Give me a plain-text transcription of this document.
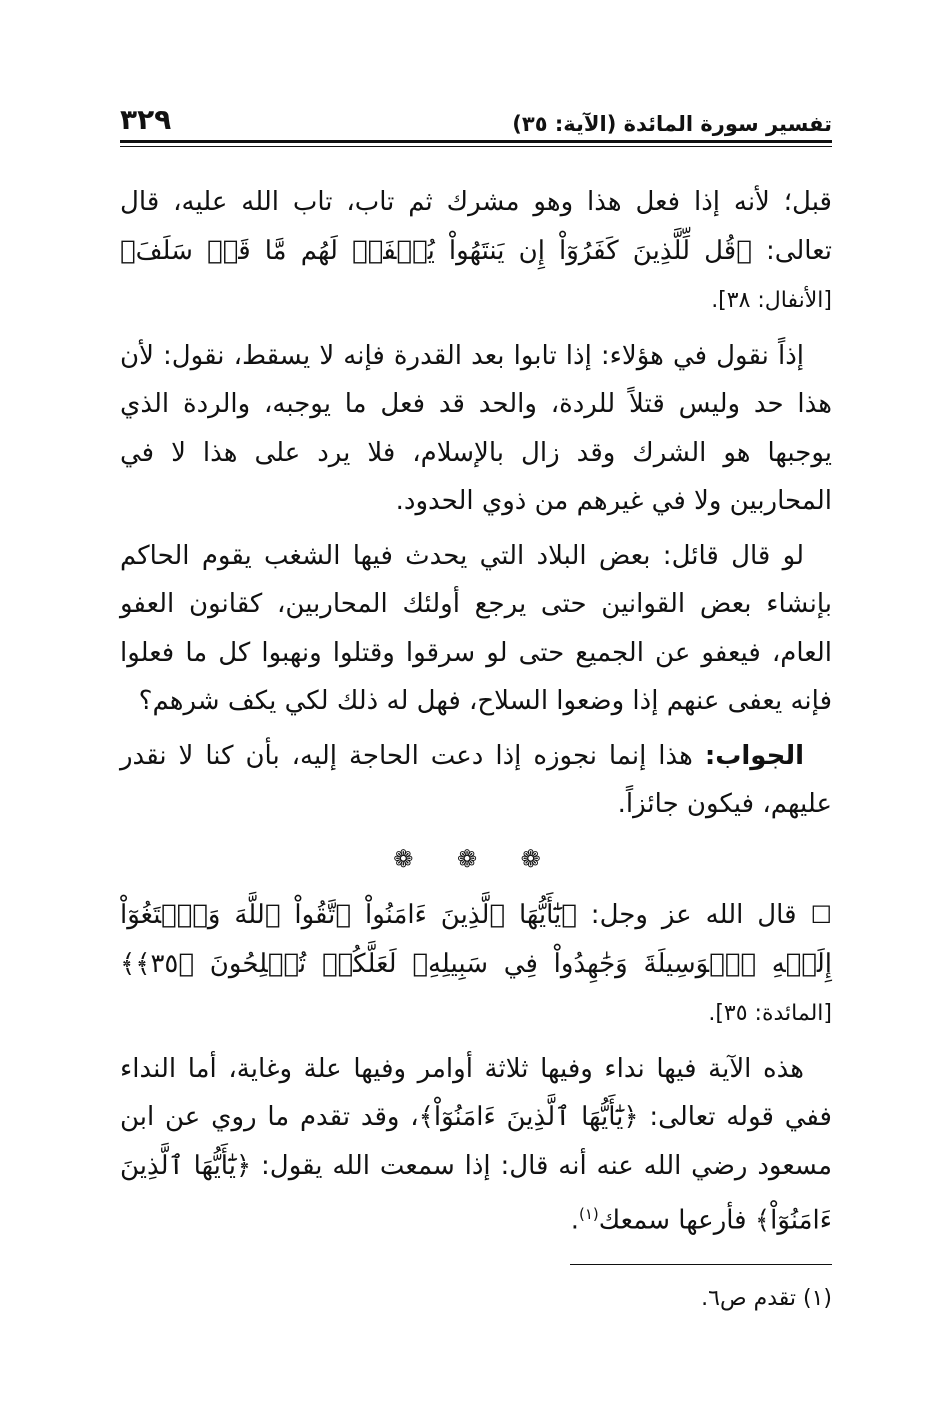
تفسير سورة المائدة (الآية: ٣٥)
٣٢٩

قبل؛ لأنه إذا فعل هذا وهو مشرك ثم تاب، تاب الله عليه، قال تعالى: ﴿قُل لِّلَّذِينَ كَفَرُوٓاْ إِن يَنتَهُواْ يُغۡفَرۡ لَهُم مَّا قَدۡ سَلَفَ﴾ [الأنفال: ٣٨].

إذاً نقول في هؤلاء: إذا تابوا بعد القدرة فإنه لا يسقط، نقول: لأن هذا حد وليس قتلاً للردة، والحد قد فعل ما يوجبه، والردة الذي يوجبها هو الشرك وقد زال بالإسلام، فلا يرد على هذا لا في المحاربين ولا في غيرهم من ذوي الحدود.

لو قال قائل: بعض البلاد التي يحدث فيها الشغب يقوم الحاكم بإنشاء بعض القوانين حتى يرجع أولئك المحاربين، كقانون العفو العام، فيعفو عن الجميع حتى لو سرقوا وقتلوا ونهبوا كل ما فعلوا فإنه يعفى عنهم إذا وضعوا السلاح، فهل له ذلك لكي يكف شرهم؟

الجواب: هذا إنما نجوزه إذا دعت الحاجة إليه، بأن كنا لا نقدر عليهم، فيكون جائزاً.

❁ ❁ ❁

☐ قال الله عز وجل: ﴿يَٰٓأَيُّهَا ٱلَّذِينَ ءَامَنُواْ ٱتَّقُواْ ٱللَّهَ وَٱبۡتَغُوٓاْ إِلَيۡهِ ٱلۡوَسِيلَةَ وَجَٰهِدُواْ فِي سَبِيلِهِۦ لَعَلَّكُمۡ تُفۡلِحُونَ ﴿٣٥﴾﴾ [المائدة: ٣٥].

هذه الآية فيها نداء وفيها ثلاثة أوامر وفيها علة وغاية، أما النداء ففي قوله تعالى: ﴿يَٰٓأَيُّهَا ٱلَّذِينَ ءَامَنُوٓاْ﴾، وقد تقدم ما روي عن ابن مسعود رضي الله عنه أنه قال: إذا سمعت الله يقول: ﴿يَٰٓأَيُّهَا ٱلَّذِينَ ءَامَنُوٓاْ﴾ فأرعها سمعك$^{(١)}$.

(١) تقدم ص٦.
